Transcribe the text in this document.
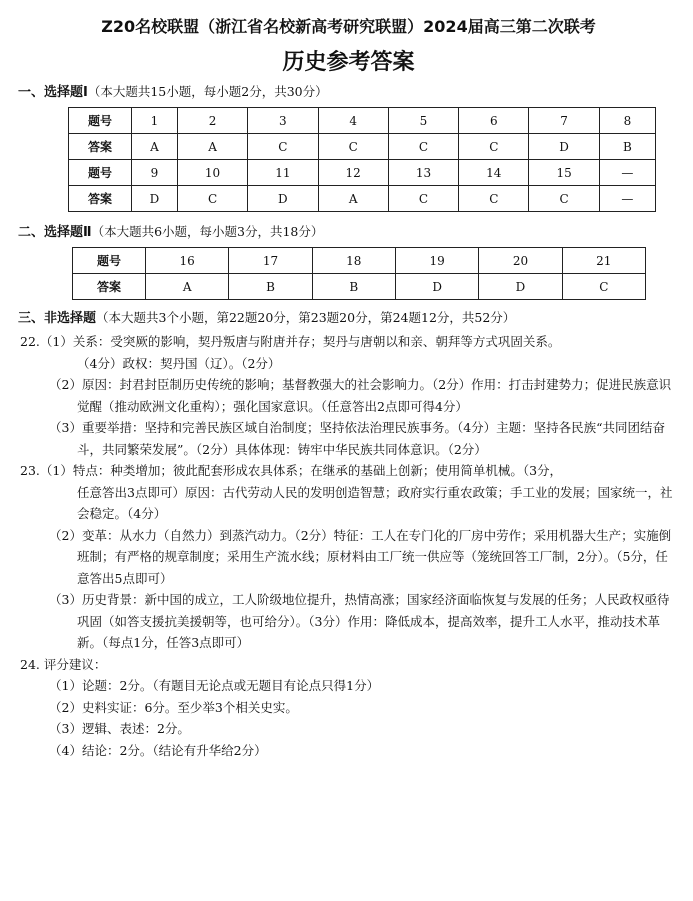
Z20名校联盟（浙江省名校新高考研究联盟）2024届高三第二次联考
历史参考答案
一、选择题Ⅰ（本大题共15小题，每小题2分，共30分）
题号	1	2	3	4	5	6	7	8
答案	A	A	C	C	C	C	D	B
题号	9	10	11	12	13	14	15	—
答案	D	C	D	A	C	C	C	—
二、选择题Ⅱ（本大题共6小题，每小题3分，共18分）
题号	16	17	18	19	20	21
答案	A	B	B	D	D	C
三、非选择题（本大题共3个小题，第22题20分，第23题20分，第24题12分，共52分）

22.（1）关系：受突厥的影响，契丹叛唐与附唐并存；契丹与唐朝以和亲、朝拜等方式巩固关系。

（4分）政权：契丹国（辽）。（2分）

（2）原因：封君封臣制历史传统的影响；基督教强大的社会影响力。（2分）作用：打击封建势力；促进民族意识觉醒（推动欧洲文化重构）；强化国家意识。（任意答出2点即可得4分）

（3）重要举措：坚持和完善民族区域自治制度；坚持依法治理民族事务。（4分）主题：坚持各民族“共同团结奋斗，共同繁荣发展”。（2分）具体体现：铸牢中华民族共同体意识。（2分）

23.（1）特点：种类增加；彼此配套形成农具体系；在继承的基础上创新；使用简单机械。（3分，

任意答出3点即可）原因：古代劳动人民的发明创造智慧；政府实行重农政策；手工业的发展；国家统一，社会稳定。（4分）

（2）变革：从水力（自然力）到蒸汽动力。（2分）特征：工人在专门化的厂房中劳作；采用机器大生产；实施倒班制；有严格的规章制度；采用生产流水线；原材料由工厂统一供应等（笼统回答工厂制，2分）。（5分，任意答出5点即可）

（3）历史背景：新中国的成立，工人阶级地位提升，热情高涨；国家经济面临恢复与发展的任务；人民政权亟待巩固（如答支援抗美援朝等，也可给分）。（3分）作用：降低成本，提高效率，提升工人水平，推动技术革新。（每点1分，任答3点即可）

24. 评分建议：

（1）论题：2分。（有题目无论点或无题目有论点只得1分）

（2）史料实证：6分。至少举3个相关史实。

（3）逻辑、表述：2分。

（4）结论：2分。（结论有升华给2分）
